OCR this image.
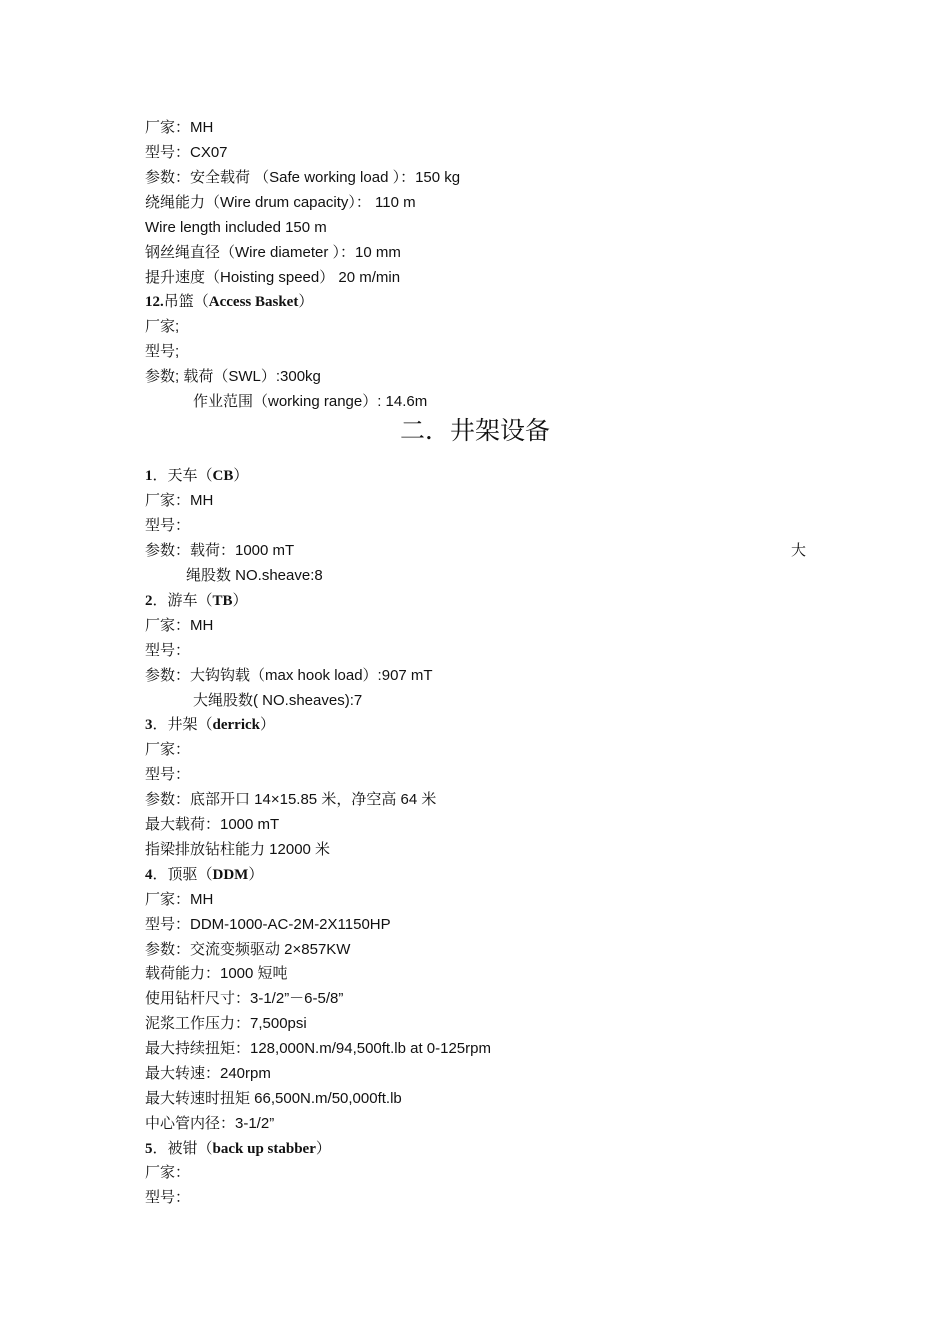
厂家：MH
型号：CX07
参数：安全载荷 （Safe working load ）：150 kg
绕绳能力（Wire drum capacity）： 110 m
Wire length included 150 m
钢丝绳直径（Wire diameter ）：10 mm
提升速度（Hoisting speed） 20 m/min
12.吊篮（Access Basket）
厂家;
型号;
参数; 载荷（SWL）:300kg
作业范围（working range）: 14.6m
二．井架设备
1．天车（CB）
厂家：MH
型号：
参数：载荷：1000 mT	大
绳股数 NO.sheave:8
2．游车（TB）
厂家：MH
型号：
参数：大钩钩载（max hook load）:907 mT
大绳股数( NO.sheaves):7
3．井架（derrick）
厂家：
型号：
参数：底部开口 14×15.85 米，净空高 64 米
最大载荷：1000 mT
指梁排放钻柱能力 12000 米
4．顶驱（DDM）
厂家：MH
型号：DDM-1000-AC-2M-2X1150HP
参数：交流变频驱动 2×857KW
载荷能力：1000 短吨
使用钻杆尺寸：3-1/2”－6-5/8”
泥浆工作压力：7,500psi
最大持续扭矩：128,000N.m/94,500ft.lb at 0-125rpm
最大转速：240rpm
最大转速时扭矩 66,500N.m/50,000ft.lb
中心管内径：3-1/2”
5．被钳（back up stabber）
厂家：
型号：
